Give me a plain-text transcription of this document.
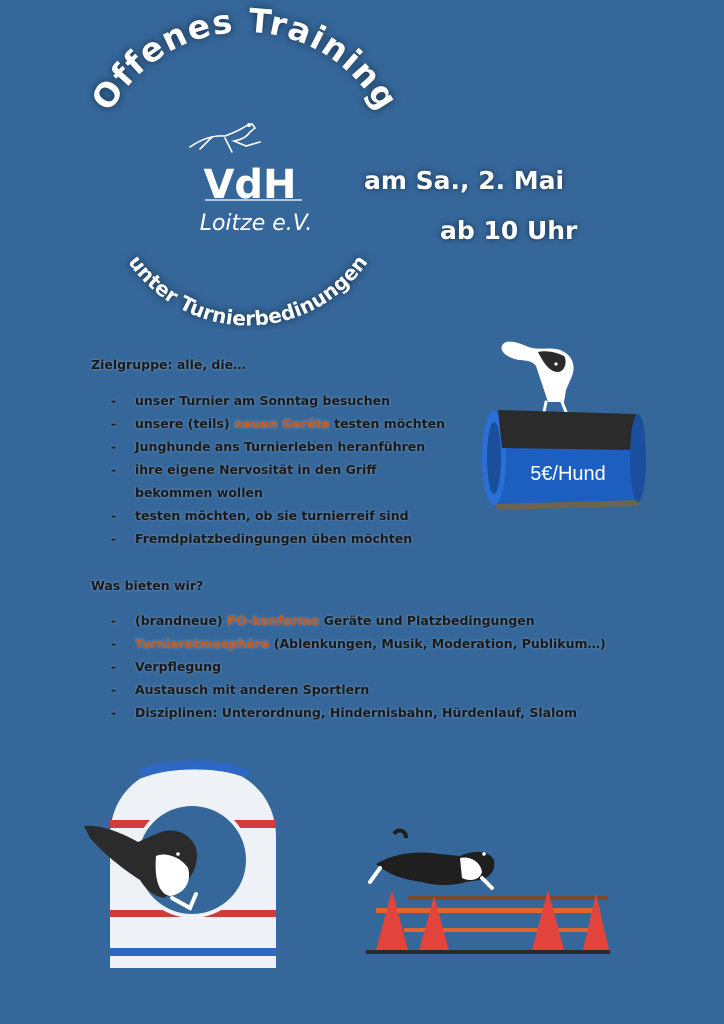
Offenes Training
unter Turnierbedinungen
VdH
Loitze e.V.
am Sa., 2. Mai
ab 10 Uhr
5€/Hund
Zielgruppe: alle, die…
- unser Turnier am Sonntag besuchen
- unsere (teils) neuen Geräte testen möchten
- Junghunde ans Turnierleben heranführen
- ihre eigene Nervosität in den Griff
bekommen wollen
- testen möchten, ob sie turnierreif sind
- Fremdplatzbedingungen üben möchten
Was bieten wir?
- (brandneue) PO-konforme Geräte und Platzbedingungen
- Turnieratmosphäre (Ablenkungen, Musik, Moderation, Publikum…)
- Verpflegung
- Austausch mit anderen Sportlern
- Disziplinen: Unterordnung, Hindernisbahn, Hürdenlauf, Slalom
